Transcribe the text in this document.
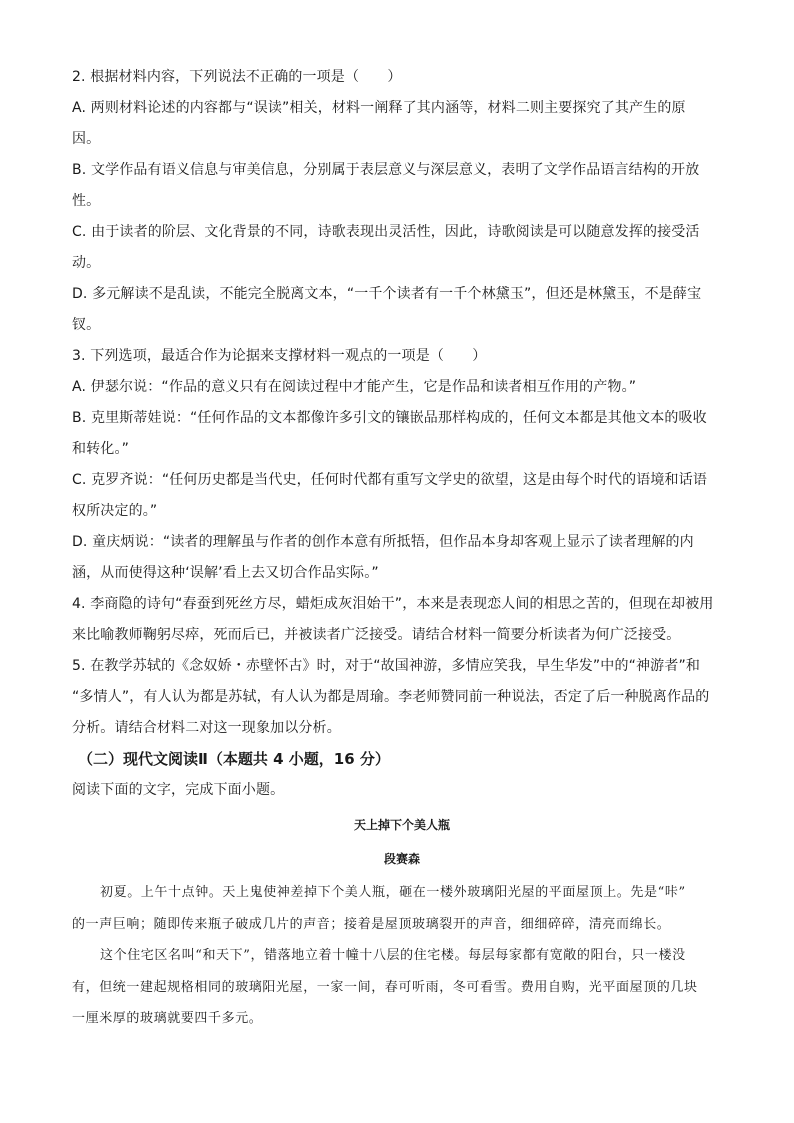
2. 根据材料内容，下列说法不正确的一项是（　　）
A. 两则材料论述的内容都与“误读”相关，材料一阐释了其内涵等，材料二则主要探究了其产生的原
因。
B. 文学作品有语义信息与审美信息，分别属于表层意义与深层意义，表明了文学作品语言结构的开放
性。
C. 由于读者的阶层、文化背景的不同，诗歌表现出灵活性，因此，诗歌阅读是可以随意发挥的接受活
动。
D. 多元解读不是乱读，不能完全脱离文本，“一千个读者有一千个林黛玉”，但还是林黛玉，不是薛宝
钗。
3. 下列选项，最适合作为论据来支撑材料一观点的一项是（　　）
A. 伊瑟尔说：“作品的意义只有在阅读过程中才能产生，它是作品和读者相互作用的产物。”
B. 克里斯蒂娃说：“任何作品的文本都像许多引文的镶嵌品那样构成的，任何文本都是其他文本的吸收
和转化。”
C. 克罗齐说：“任何历史都是当代史，任何时代都有重写文学史的欲望，这是由每个时代的语境和话语
权所决定的。”
D. 童庆炳说：“读者的理解虽与作者的创作本意有所抵牾，但作品本身却客观上显示了读者理解的内
涵，从而使得这种‘误解’看上去又切合作品实际。”
4. 李商隐的诗句“春蚕到死丝方尽，蜡炬成灰泪始干”，本来是表现恋人间的相思之苦的，但现在却被用
来比喻教师鞠躬尽瘁，死而后已，并被读者广泛接受。请结合材料一简要分析读者为何广泛接受。
5. 在教学苏轼的《念奴娇・赤壁怀古》时，对于“故国神游，多情应笑我，早生华发”中的“神游者”和
“多情人”，有人认为都是苏轼，有人认为都是周瑜。李老师赞同前一种说法，否定了后一种脱离作品的
分析。请结合材料二对这一现象加以分析。
（二）现代文阅读Ⅱ（本题共 4 小题，16 分）
阅读下面的文字，完成下面小题。
天上掉下个美人瓶
段赛森
初夏。上午十点钟。天上鬼使神差掉下个美人瓶，砸在一楼外玻璃阳光屋的平面屋顶上。先是“咔”
的一声巨响；随即传来瓶子破成几片的声音；接着是屋顶玻璃裂开的声音，细细碎碎，清亮而绵长。
这个住宅区名叫“和天下”，错落地立着十幢十八层的住宅楼。每层每家都有宽敞的阳台，只一楼没
有，但统一建起规格相同的玻璃阳光屋，一家一间，春可听雨，冬可看雪。费用自购，光平面屋顶的几块
一厘米厚的玻璃就要四千多元。
